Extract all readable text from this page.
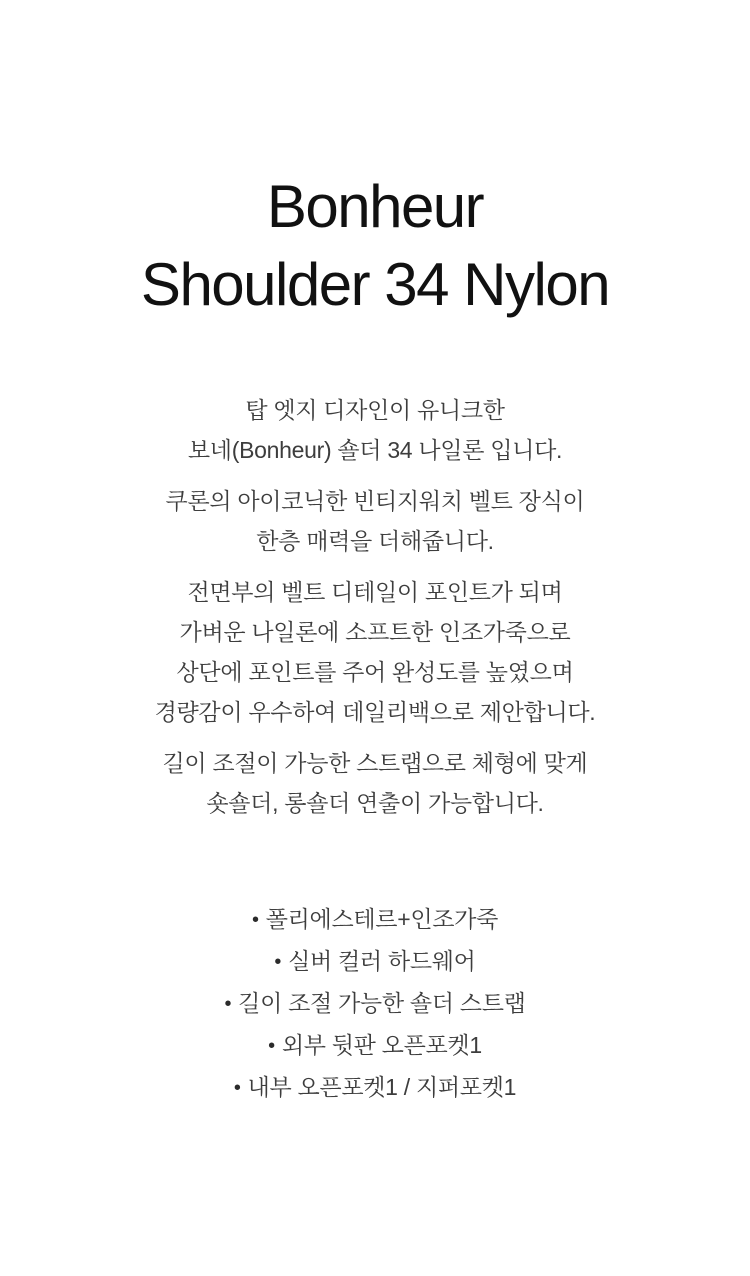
Bonheur
Shoulder 34 Nylon

탑 엣지 디자인이 유니크한
보네(Bonheur) 숄더 34 나일론 입니다.

쿠론의 아이코닉한 빈티지워치 벨트 장식이
한층 매력을 더해줍니다.

전면부의 벨트 디테일이 포인트가 되며
가벼운 나일론에 소프트한 인조가죽으로
상단에 포인트를 주어 완성도를 높였으며
경량감이 우수하여 데일리백으로 제안합니다.

길이 조절이 가능한 스트랩으로 체형에 맞게
숏숄더, 롱숄더 연출이 가능합니다.

• 폴리에스테르+인조가죽
• 실버 컬러 하드웨어
• 길이 조절 가능한 숄더 스트랩
• 외부 뒷판 오픈포켓1
• 내부 오픈포켓1 / 지퍼포켓1
